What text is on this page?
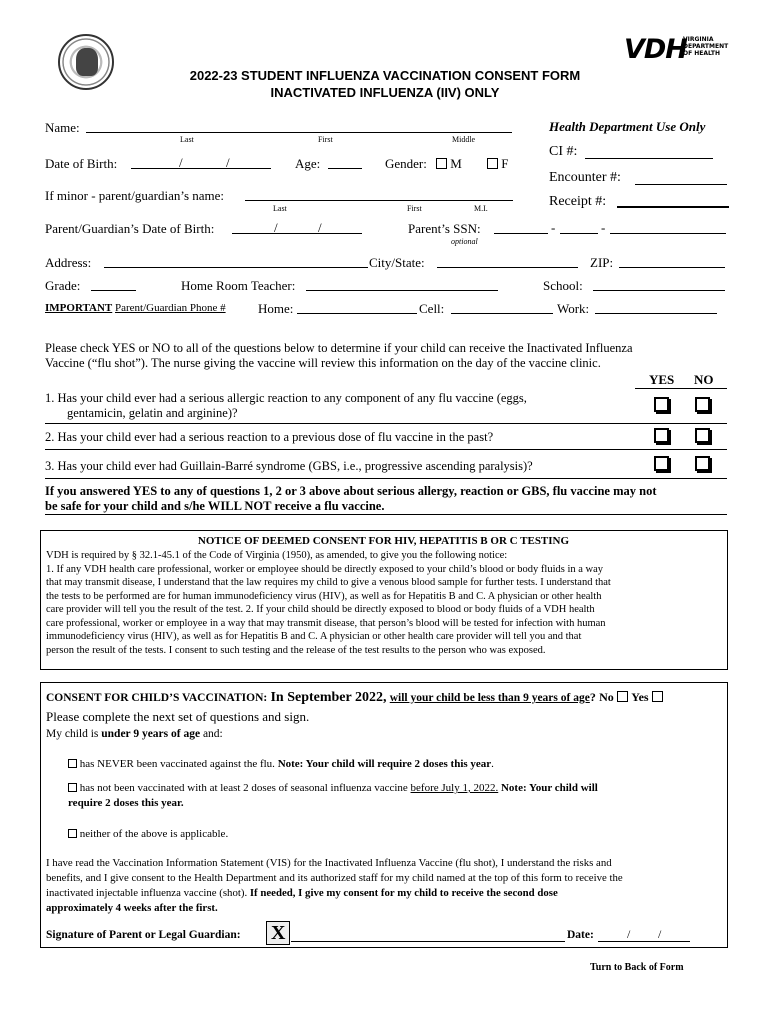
VDH
VIRGINIA
DEPARTMENT
OF HEALTH
2022-23 STUDENT INFLUENZA VACCINATION CONSENT FORM
INACTIVATED INFLUENZA (IIV) ONLY
Name:
Last	First	Middle
Date of Birth:	/	/	Age:	Gender:	M	F
If minor - parent/guardian’s name:
Last	First	M.I.
Parent/Guardian’s Date of Birth:	/	/	Parent’s SSN:	-	-
optional
Health Department Use Only
CI #:
Encounter #:
Receipt #:
Address:	City/State:	ZIP:
Grade:	Home Room Teacher:	School:
IMPORTANT Parent/Guardian Phone # Home:	Cell:	Work:
Please check YES or NO to all of the questions below to determine if your child can receive the Inactivated Influenza
Vaccine (“flu shot”). The nurse giving the vaccine will review this information on the day of the vaccine clinic.
YES NO
1. Has your child ever had a serious allergic reaction to any component of any flu vaccine (eggs,
gentamicin, gelatin and arginine)?
2. Has your child ever had a serious reaction to a previous dose of flu vaccine in the past?
3. Has your child ever had Guillain-Barré syndrome (GBS, i.e., progressive ascending paralysis)?
If you answered YES to any of questions 1, 2 or 3 above about serious allergy, reaction or GBS, flu vaccine may not
be safe for your child and s/he WILL NOT receive a flu vaccine.
NOTICE OF DEEMED CONSENT FOR HIV, HEPATITIS B OR C TESTING
VDH is required by § 32.1-45.1 of the Code of Virginia (1950), as amended, to give you the following notice:
1. If any VDH health care professional, worker or employee should be directly exposed to your child’s blood or body fluids in a way
that may transmit disease, I understand that the law requires my child to give a venous blood sample for further tests. I understand that
the tests to be performed are for human immunodeficiency virus (HIV), as well as for Hepatitis B and C. A physician or other health
care provider will tell you the result of the test. 2. If your child should be directly exposed to blood or body fluids of a VDH health
care professional, worker or employee in a way that may transmit disease, that person’s blood will be tested for infection with human
immunodeficiency virus (HIV), as well as for Hepatitis B and C. A physician or other health care provider will tell you and that
person the result of the tests. I consent to such testing and the release of the test results to the person who was exposed.
CONSENT FOR CHILD’S VACCINATION: In September 2022, will your child be less than 9 years of age? No Yes
Please complete the next set of questions and sign.
My child is under 9 years of age and:
has NEVER been vaccinated against the flu. Note: Your child will require 2 doses this year.
has not been vaccinated with at least 2 doses of seasonal influenza vaccine before July 1, 2022. Note: Your child will
require 2 doses this year.
neither of the above is applicable.
I have read the Vaccination Information Statement (VIS) for the Inactivated Influenza Vaccine (flu shot), I understand the risks and
benefits, and I give consent to the Health Department and its authorized staff for my child named at the top of this form to receive the
inactivated injectable influenza vaccine (shot). If needed, I give my consent for my child to receive the second dose
approximately 4 weeks after the first.
Signature of Parent or Legal Guardian: X	Date:	/ /
Turn to Back of Form
